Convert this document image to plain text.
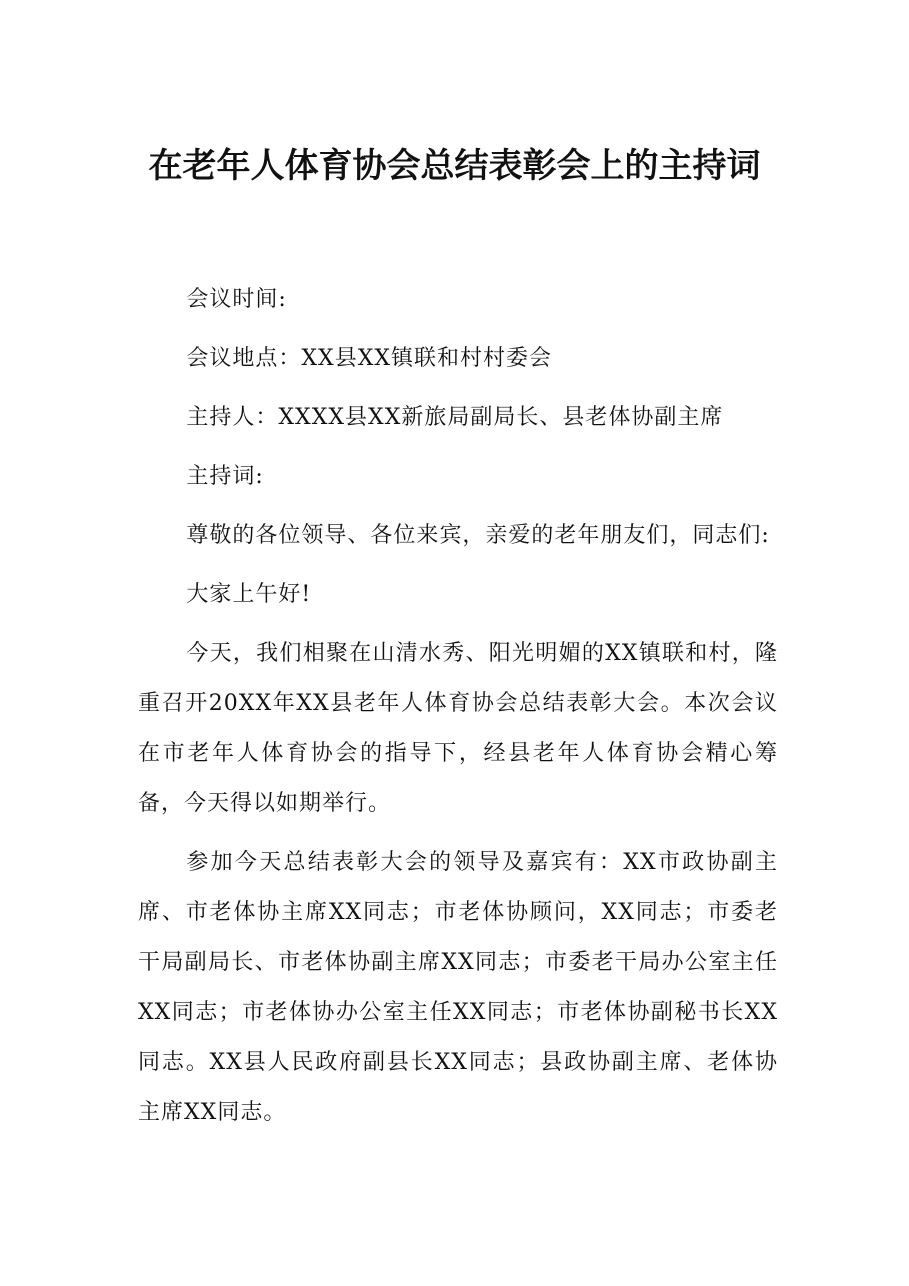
在老年人体育协会总结表彰会上的主持词

会议时间:

会议地点：XX县XX镇联和村村委会

主持人：XXXX县XX新旅局副局长、县老体协副主席

主持词:

尊敬的各位领导、各位来宾，亲爱的老年朋友们，同志们:

大家上午好!

今天，我们相聚在山清水秀、阳光明媚的XX镇联和村，隆重召开20XX年XX县老年人体育协会总结表彰大会。本次会议在市老年人体育协会的指导下，经县老年人体育协会精心筹备，今天得以如期举行。

参加今天总结表彰大会的领导及嘉宾有：XX市政协副主席、市老体协主席XX同志；市老体协顾问，XX同志；市委老干局副局长、市老体协副主席XX同志；市委老干局办公室主任XX同志；市老体协办公室主任XX同志；市老体协副秘书长XX同志。XX县人民政府副县长XX同志；县政协副主席、老体协主席XX同志。
